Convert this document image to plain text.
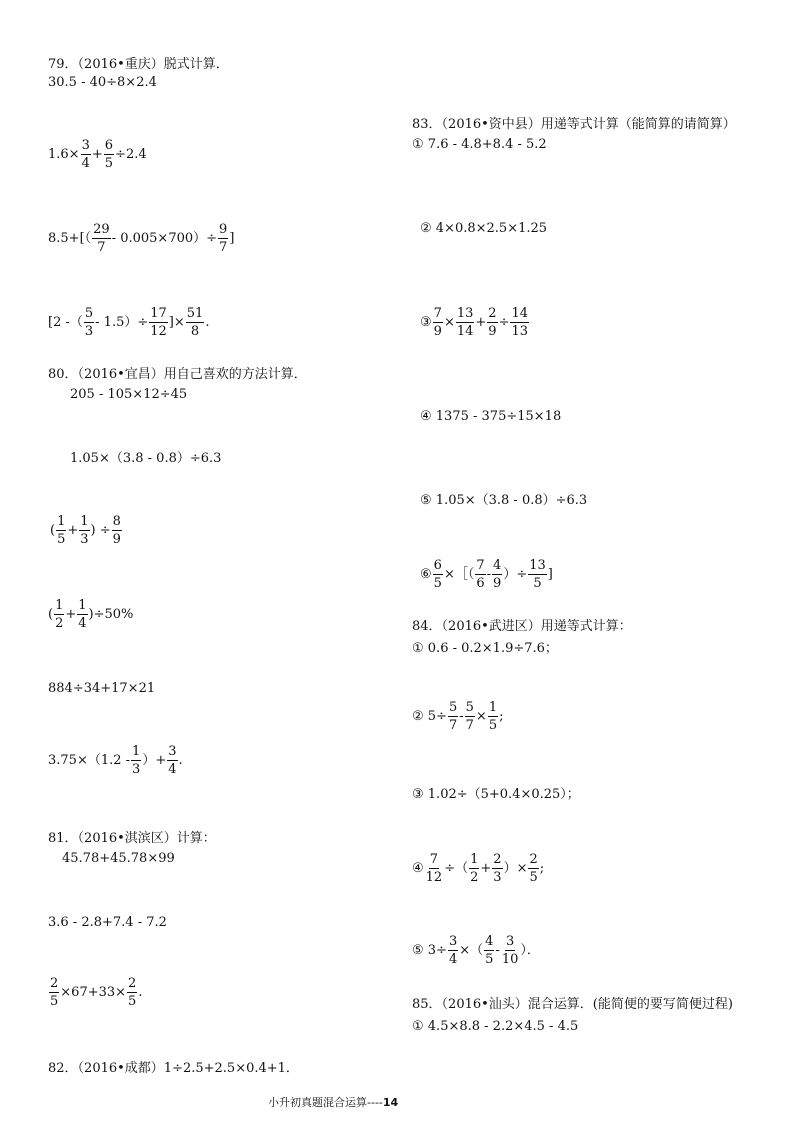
79．（2016•重庆）脱式计算．
30.5 - 40÷8×2.4
$1.6\times \frac{3}{4} + \frac{6}{5} \div 2.4$
$8.5+[( \frac{29}{7} - 0.005\times 700)\div \frac{9}{7}$ ]
[2 -（ $\frac{5}{3} - 1.5)\div \frac{17}{12}$ ]× $\frac{51}{8}$ .
80．（2016•宜昌）用自己喜欢的方法计算．
205 - 105×12÷45
1.05×（3.8 - 0.8）÷6.3
( $\frac{1}{5} + \frac{1}{3}$ ) ÷ $\frac{8}{9}$
( $\frac{1}{2} + \frac{1}{4} )\div 50\%$
884÷34+17×21
$3.75\times(1.2 - \frac{1}{3}$ ）+ $\frac{3}{4}$ .
81．（2016•淇滨区）计算：
45.78+45.78×99
3.6 - 2.8+7.4 - 7.2
$\frac{2}{5} \times 67+33\times \frac{2}{5}$ .
82．（2016•成都）1÷2.5+2.5×0.4+1．
83．（2016•资中县）用递等式计算（能简算的请简算）
① 7.6 - 4.8+8.4 - 5.2
② 4×0.8×2.5×1.25
③ $\frac{7}{9} \times \frac{13}{14} + \frac{2}{9} \div \frac{14}{13}$
④ 1375 - 375÷15×18
⑤ 1.05×（3.8 - 0.8）÷6.3
⑥ $\frac{6}{5}$ ×［（ $\frac{7}{6} - \frac{4}{9}$ ）÷ $\frac{13}{5}$ ]
84．（2016•武进区）用递等式计算：
① 0.6 - 0.2×1.9÷7.6；
② $5\div \frac{5}{7} - \frac{5}{7} \times \frac{1}{5}$ ;
③ 1.02÷（5+0.4×0.25）；
④ $\frac{7}{12}$ ÷（ $\frac{1}{2} + \frac{2}{3}$ ）× $\frac{2}{5}$ ;
⑤ $3\div \frac{3}{4}$ ×（ $\frac{4}{5} - \frac{3}{10}$ ）．
85．（2016•汕头）混合运算．(能简便的要写简便过程)
① 4.5×8.8 - 2.2×4.5 - 4.5
小升初真题混合运算----14
